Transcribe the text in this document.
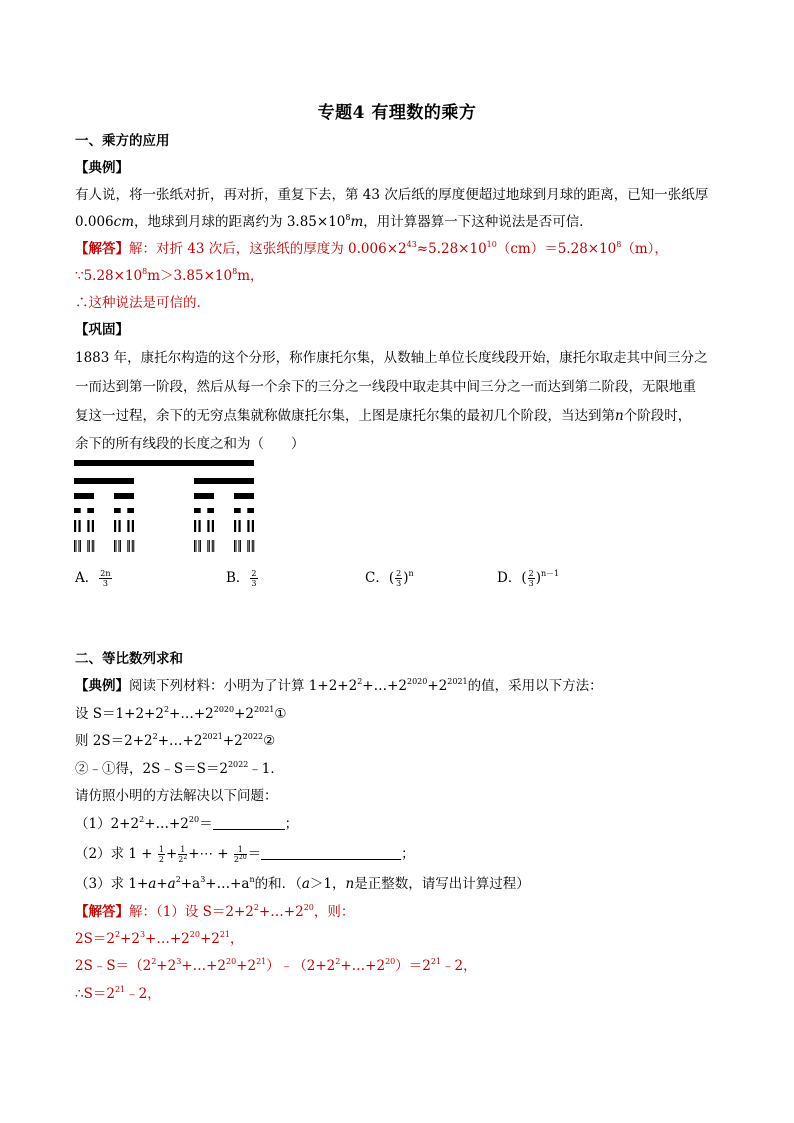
专题4 有理数的乘方
一、乘方的应用
【典例】
有人说，将一张纸对折，再对折，重复下去，第 43 次后纸的厚度便超过地球到月球的距离，已知一张纸厚
0.006cm，地球到月球的距离约为 $3.85\times 10^8m$，用计算器算一下这种说法是否可信．
【解答】解：对折 43 次后，这张纸的厚度为 $0.006\times 2^{43}\approx 5.28\times 10^{10}(cm)=5.28\times 10^8(m)$，
$\because 5.28\times 10^8m>3.85\times 10^8m$，
∴这种说法是可信的．
【巩固】
1883 年，康托尔构造的这个分形，称作康托尔集，从数轴上单位长度线段开始，康托尔取走其中间三分之
一而达到第一阶段，然后从每一个余下的三分之一线段中取走其中间三分之一而达到第二阶段，无限地重
复这一过程，余下的无穷点集就称做康托尔集，上图是康托尔集的最初几个阶段，当达到第n个阶段时，
余下的所有线段的长度之和为（　　）
A． $\frac{2n}{3}$	B． $\frac{2}{3}$	C．( $\frac{2}{3} )^n$	D．( $\frac{2}{3} )^{n-1}$
二、等比数列求和
【典例】阅读下列材料：小明为了计算 $1+2+2^2+\dots+2^{2020}+2^{2021}$的值，采用以下方法：
设 $S=1+2+2^2+\dots+2^{2020}+2^{2021}①$
则 $2S=2+2^2+\dots+2^{2021}+2^{2022}②$
②﹣①得，$2S﹣S=S=2^{2022}﹣1$．
请仿照小明的方法解决以下问题：
$(1)2+2^2+\dots+2^{20}=$	；
（2）求 $1 + \frac{1}{2} + \frac{1}{2^2}$ +⋯ + $\frac{1}{2^{20}}$ ＝	；
（3）求 $1+a+a^2+a^3+\dots+a^n$的和．（a＞1，n是正整数，请写出计算过程）
【解答】解：（1）设 $S=2+2^2+\dots+2^{20}$，则：
$2S=2^2+2^3+\dots+2^{20}+2^{21}$，
$2S﹣S=(2^2+2^3+\dots+2^{20}+2^{21})﹣(2+2^2+\dots+2^{20})=2^{21}﹣2$，
$\therefore S=2^{21}﹣2$，
